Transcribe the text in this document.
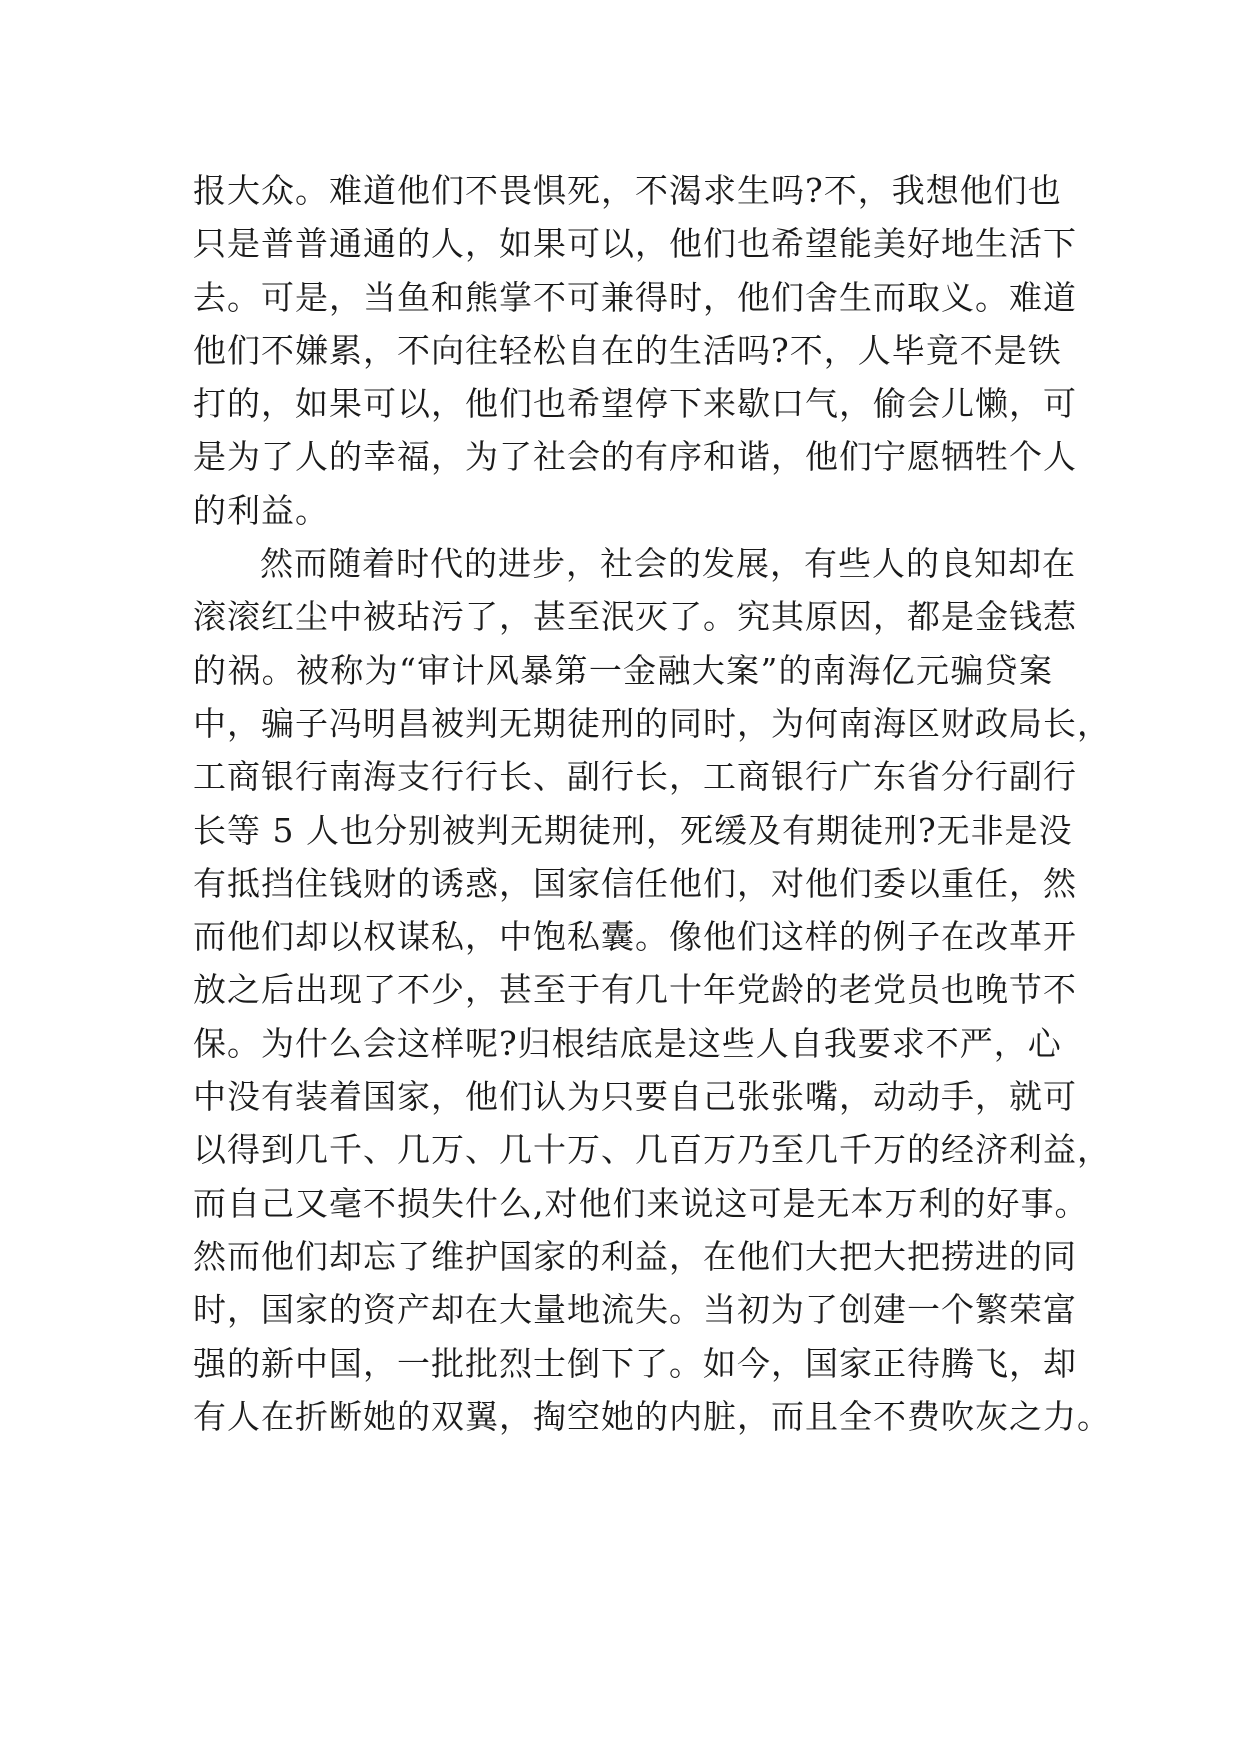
报大众。难道他们不畏惧死，不渴求生吗?不，我想他们也
只是普普通通的人，如果可以，他们也希望能美好地生活下
去。可是，当鱼和熊掌不可兼得时，他们舍生而取义。难道
他们不嫌累，不向往轻松自在的生活吗?不，人毕竟不是铁
打的，如果可以，他们也希望停下来歇口气，偷会儿懒，可
是为了人的幸福，为了社会的有序和谐，他们宁愿牺牲个人
的利益。
然而随着时代的进步，社会的发展，有些人的良知却在
滚滚红尘中被玷污了，甚至泯灭了。究其原因，都是金钱惹
的祸。被称为“审计风暴第一金融大案”的南海亿元骗贷案
中，骗子冯明昌被判无期徒刑的同时，为何南海区财政局长，
工商银行南海支行行长、副行长，工商银行广东省分行副行
长等 5 人也分别被判无期徒刑，死缓及有期徒刑?无非是没
有抵挡住钱财的诱惑，国家信任他们，对他们委以重任，然
而他们却以权谋私，中饱私囊。像他们这样的例子在改革开
放之后出现了不少，甚至于有几十年党龄的老党员也晚节不
保。为什么会这样呢?归根结底是这些人自我要求不严，心
中没有装着国家，他们认为只要自己张张嘴，动动手，就可
以得到几千、几万、几十万、几百万乃至几千万的经济利益，
而自己又毫不损失什么,对他们来说这可是无本万利的好事。
然而他们却忘了维护国家的利益，在他们大把大把捞进的同
时，国家的资产却在大量地流失。当初为了创建一个繁荣富
强的新中国，一批批烈士倒下了。如今，国家正待腾飞，却
有人在折断她的双翼，掏空她的内脏，而且全不费吹灰之力。
